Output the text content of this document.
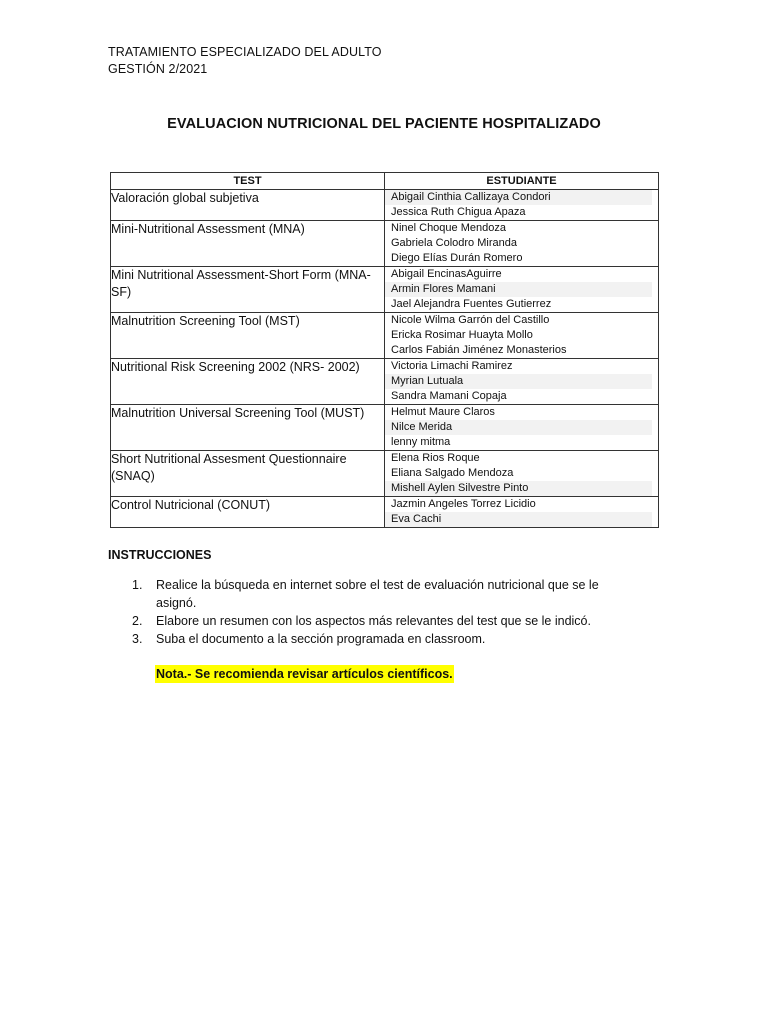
TRATAMIENTO ESPECIALIZADO DEL ADULTO
GESTIÓN 2/2021
EVALUACION NUTRICIONAL DEL PACIENTE HOSPITALIZADO
TEST	ESTUDIANTE
Valoración global subjetiva	Abigail Cinthia Callizaya Condori
Jessica Ruth Chigua Apaza

Mini-Nutritional Assessment (MNA)	Ninel Choque Mendoza
Gabriela Colodro Miranda
Diego Elías Durán Romero

Mini Nutritional Assessment-Short Form (MNA-SF)	Abigail EncinasAguirre
Armin Flores Mamani
Jael Alejandra Fuentes Gutierrez

Malnutrition Screening Tool (MST)	Nicole Wilma Garrón del Castillo
Ericka Rosimar Huayta Mollo
Carlos Fabián Jiménez Monasterios

Nutritional Risk Screening 2002 (NRS- 2002)	Victoria Limachi Ramirez
Myrian Lutuala
Sandra Mamani Copaja

Malnutrition Universal Screening Tool (MUST)	Helmut Maure Claros
Nilce Merida
lenny mitma

Short Nutritional Assesment Questionnaire (SNAQ)	Elena Rios Roque
Eliana Salgado Mendoza
Mishell Aylen Silvestre Pinto

Control Nutricional (CONUT)	Jazmin Angeles Torrez Licidio
Eva Cachi
INSTRUCCIONES
1. Realice la búsqueda en internet sobre el test de evaluación nutricional que se le asignó.
2. Elabore un resumen con los aspectos más relevantes del test que se le indicó.
3. Suba el documento a la sección programada en classroom.
Nota.- Se recomienda revisar artículos científicos.
